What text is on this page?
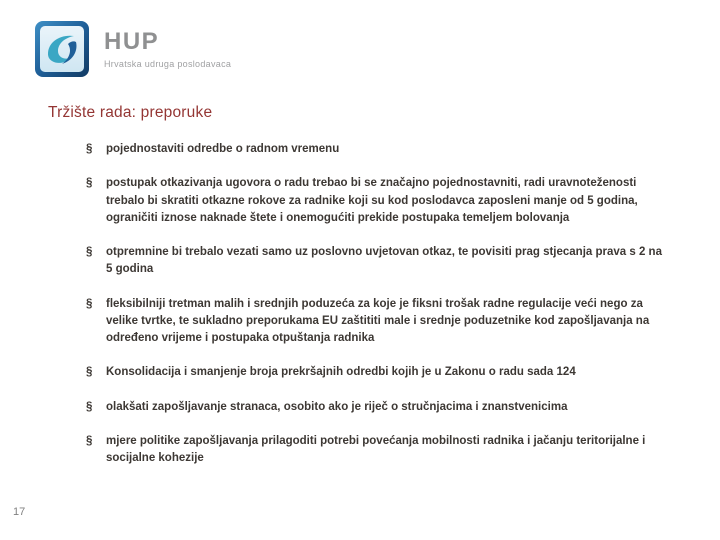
HUP
Hrvatska udruga poslodavaca
Tržište rada: preporuke
§	pojednostaviti odredbe o radnom vremenu
§	postupak otkazivanja ugovora o radu trebao bi se značajno pojednostavniti, radi uravnoteženosti trebalo bi skratiti otkazne rokove za radnike koji su kod poslodavca zaposleni manje od 5 godina, ograničiti iznose naknade štete i onemogućiti prekide postupaka temeljem bolovanja
§	otpremnine bi trebalo vezati samo uz poslovno uvjetovan otkaz, te povisiti prag stjecanja prava s 2 na 5 godina
§	fleksibilniji tretman malih i srednjih poduzeća za koje je fiksni trošak radne regulacije veći nego za velike tvrtke, te sukladno preporukama EU zaštititi male i srednje poduzetnike kod zapošljavanja na određeno vrijeme i postupaka otpuštanja radnika
§	Konsolidacija i smanjenje broja prekršajnih odredbi kojih je u Zakonu o radu sada 124
§	olakšati zapošljavanje stranaca, osobito ako je riječ o stručnjacima i znanstvenicima
§	mjere politike zapošljavanja prilagoditi potrebi povećanja mobilnosti radnika i jačanju teritorijalne i socijalne kohezije
17
